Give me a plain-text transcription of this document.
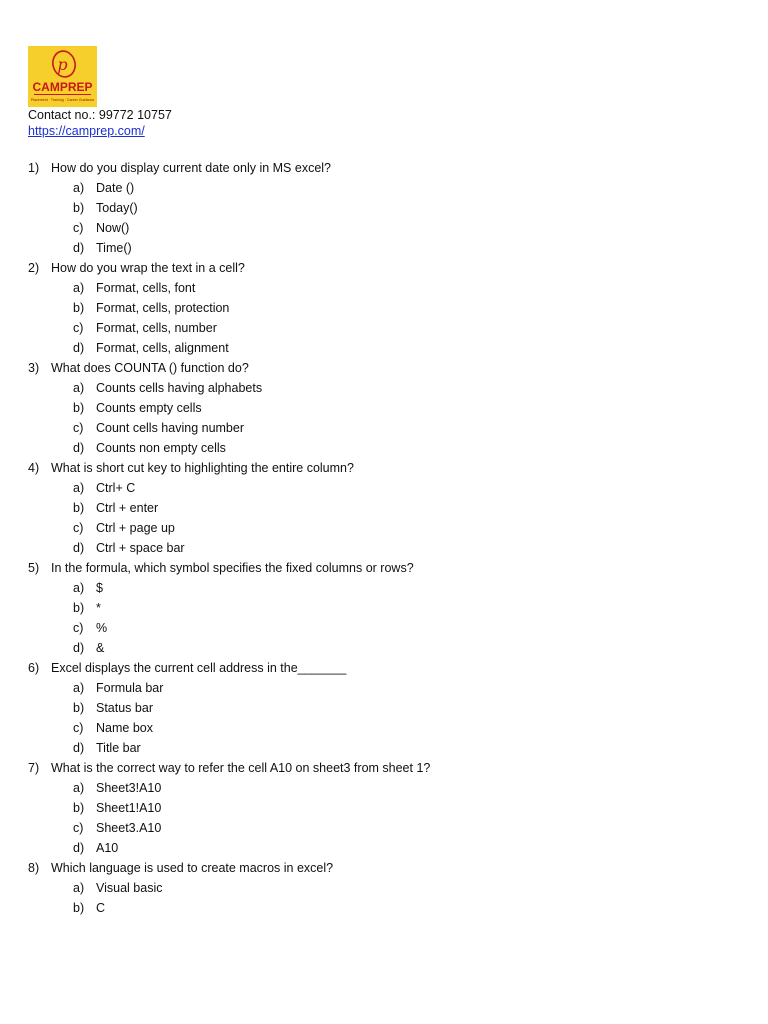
p
CAMPREP
Placement · Training · Career Guidance
Contact no.: 99772 10757
https://camprep.com/
1) How do you display current date only in MS excel?
a) Date ()
b) Today()
c) Now()
d) Time()
2) How do you wrap the text in a cell?
a) Format, cells, font
b) Format, cells, protection
c) Format, cells, number
d) Format, cells, alignment
3) What does COUNTA () function do?
a) Counts cells having alphabets
b) Counts empty cells
c) Count cells having number
d) Counts non empty cells
4) What is short cut key to highlighting the entire column?
a) Ctrl+ C
b) Ctrl + enter
c) Ctrl + page up
d) Ctrl + space bar
5) In the formula, which symbol specifies the fixed columns or rows?
a) $
b) *
c) %
d) &
6) Excel displays the current cell address in the_______
a) Formula bar
b) Status bar
c) Name box
d) Title bar
7) What is the correct way to refer the cell A10 on sheet3 from sheet 1?
a) Sheet3!A10
b) Sheet1!A10
c) Sheet3.A10
d) A10
8) Which language is used to create macros in excel?
a) Visual basic
b) C
